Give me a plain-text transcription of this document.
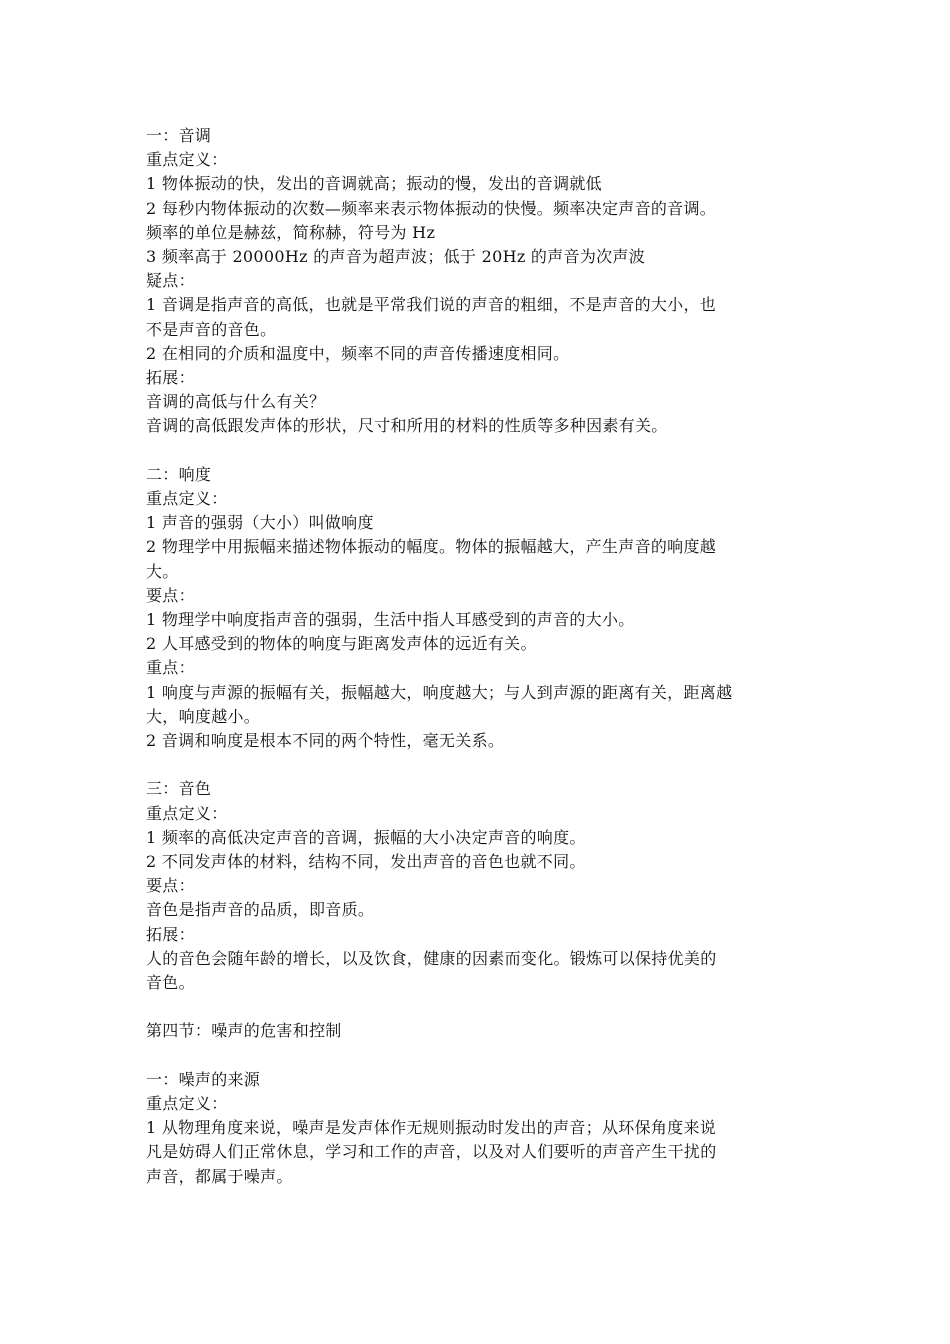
一：音调
重点定义：
1 物体振动的快，发出的音调就高；振动的慢，发出的音调就低
2 每秒内物体振动的次数—频率来表示物体振动的快慢。频率决定声音的音调。
频率的单位是赫兹，简称赫，符号为 Hz
3 频率高于 20000Hz 的声音为超声波；低于 20Hz 的声音为次声波
疑点：
1 音调是指声音的高低，也就是平常我们说的声音的粗细，不是声音的大小，也
不是声音的音色。
2 在相同的介质和温度中，频率不同的声音传播速度相同。
拓展：
音调的高低与什么有关？
音调的高低跟发声体的形状，尺寸和所用的材料的性质等多种因素有关。
二：响度
重点定义：
1 声音的强弱（大小）叫做响度
2 物理学中用振幅来描述物体振动的幅度。物体的振幅越大，产生声音的响度越
大。
要点：
1 物理学中响度指声音的强弱，生活中指人耳感受到的声音的大小。
2 人耳感受到的物体的响度与距离发声体的远近有关。
重点：
1 响度与声源的振幅有关，振幅越大，响度越大；与人到声源的距离有关，距离越
大，响度越小。
2 音调和响度是根本不同的两个特性，毫无关系。
三：音色
重点定义：
1 频率的高低决定声音的音调，振幅的大小决定声音的响度。
2 不同发声体的材料，结构不同，发出声音的音色也就不同。
要点：
音色是指声音的品质，即音质。
拓展：
人的音色会随年龄的增长，以及饮食，健康的因素而变化。锻炼可以保持优美的
音色。
第四节：噪声的危害和控制
一：噪声的来源
重点定义：
1 从物理角度来说，噪声是发声体作无规则振动时发出的声音；从环保角度来说
凡是妨碍人们正常休息，学习和工作的声音，以及对人们要听的声音产生干扰的
声音，都属于噪声。
